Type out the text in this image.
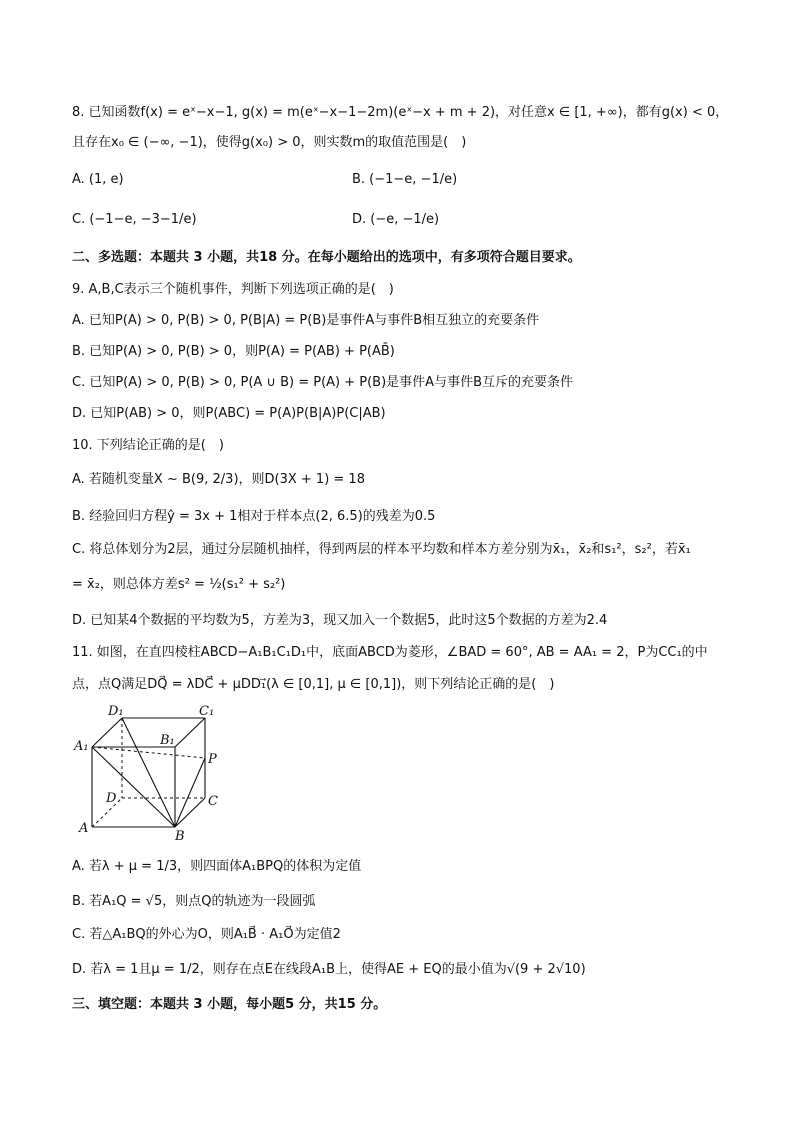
8. 已知函数f(x) = eˣ−x−1, g(x) = m(eˣ−x−1−2m)(eˣ−x + m + 2)，对任意x ∈ [1, +∞)，都有g(x) < 0，
且存在x₀ ∈ (−∞, −1)，使得g(x₀) > 0，则实数m的取值范围是(　)
A. (1, e)	B. (−1−e, −1/e)
C. (−1−e, −3−1/e)	D. (−e, −1/e)
二、多选题：本题共 3 小题，共18 分。在每小题给出的选项中，有多项符合题目要求。
9. A,B,C表示三个随机事件，判断下列选项正确的是(　)
A. 已知P(A) > 0, P(B) > 0, P(B|A) = P(B)是事件A与事件B相互独立的充要条件
B. 已知P(A) > 0, P(B) > 0，则P(A) = P(AB) + P(AB̄)
C. 已知P(A) > 0, P(B) > 0, P(A ∪ B) = P(A) + P(B)是事件A与事件B互斥的充要条件
D. 已知P(AB) > 0，则P(ABC) = P(A)P(B|A)P(C|AB)
10. 下列结论正确的是(　)
A. 若随机变量X ~ B(9, 2/3)，则D(3X + 1) = 18
B. 经验回归方程ŷ = 3x + 1相对于样本点(2, 6.5)的残差为0.5
C. 将总体划分为2层，通过分层随机抽样，得到两层的样本平均数和样本方差分别为x̄₁，x̄₂和s₁²，s₂²，若x̄₁
= x̄₂，则总体方差s² = ½(s₁² + s₂²)
D. 已知某4个数据的平均数为5，方差为3，现又加入一个数据5，此时这5个数据的方差为2.4
11. 如图，在直四棱柱ABCD−A₁B₁C₁D₁中，底面ABCD为菱形，∠BAD = 60°, AB = AA₁ = 2，P为CC₁的中
点，点Q满足DQ⃗ = λDC⃗ + μDD₁⃗(λ ∈ [0,1], μ ∈ [0,1])，则下列结论正确的是(　)
D₁	C₁
A₁	B₁
P
D	C
A
B
A. 若λ + μ = 1/3，则四面体A₁BPQ的体积为定值
B. 若A₁Q = √5，则点Q的轨迹为一段圆弧
C. 若△A₁BQ的外心为O，则A₁B⃗ · A₁O⃗为定值2
D. 若λ = 1且μ = 1/2，则存在点E在线段A₁B上，使得AE + EQ的最小值为√(9 + 2√10)
三、填空题：本题共 3 小题，每小题5 分，共15 分。
